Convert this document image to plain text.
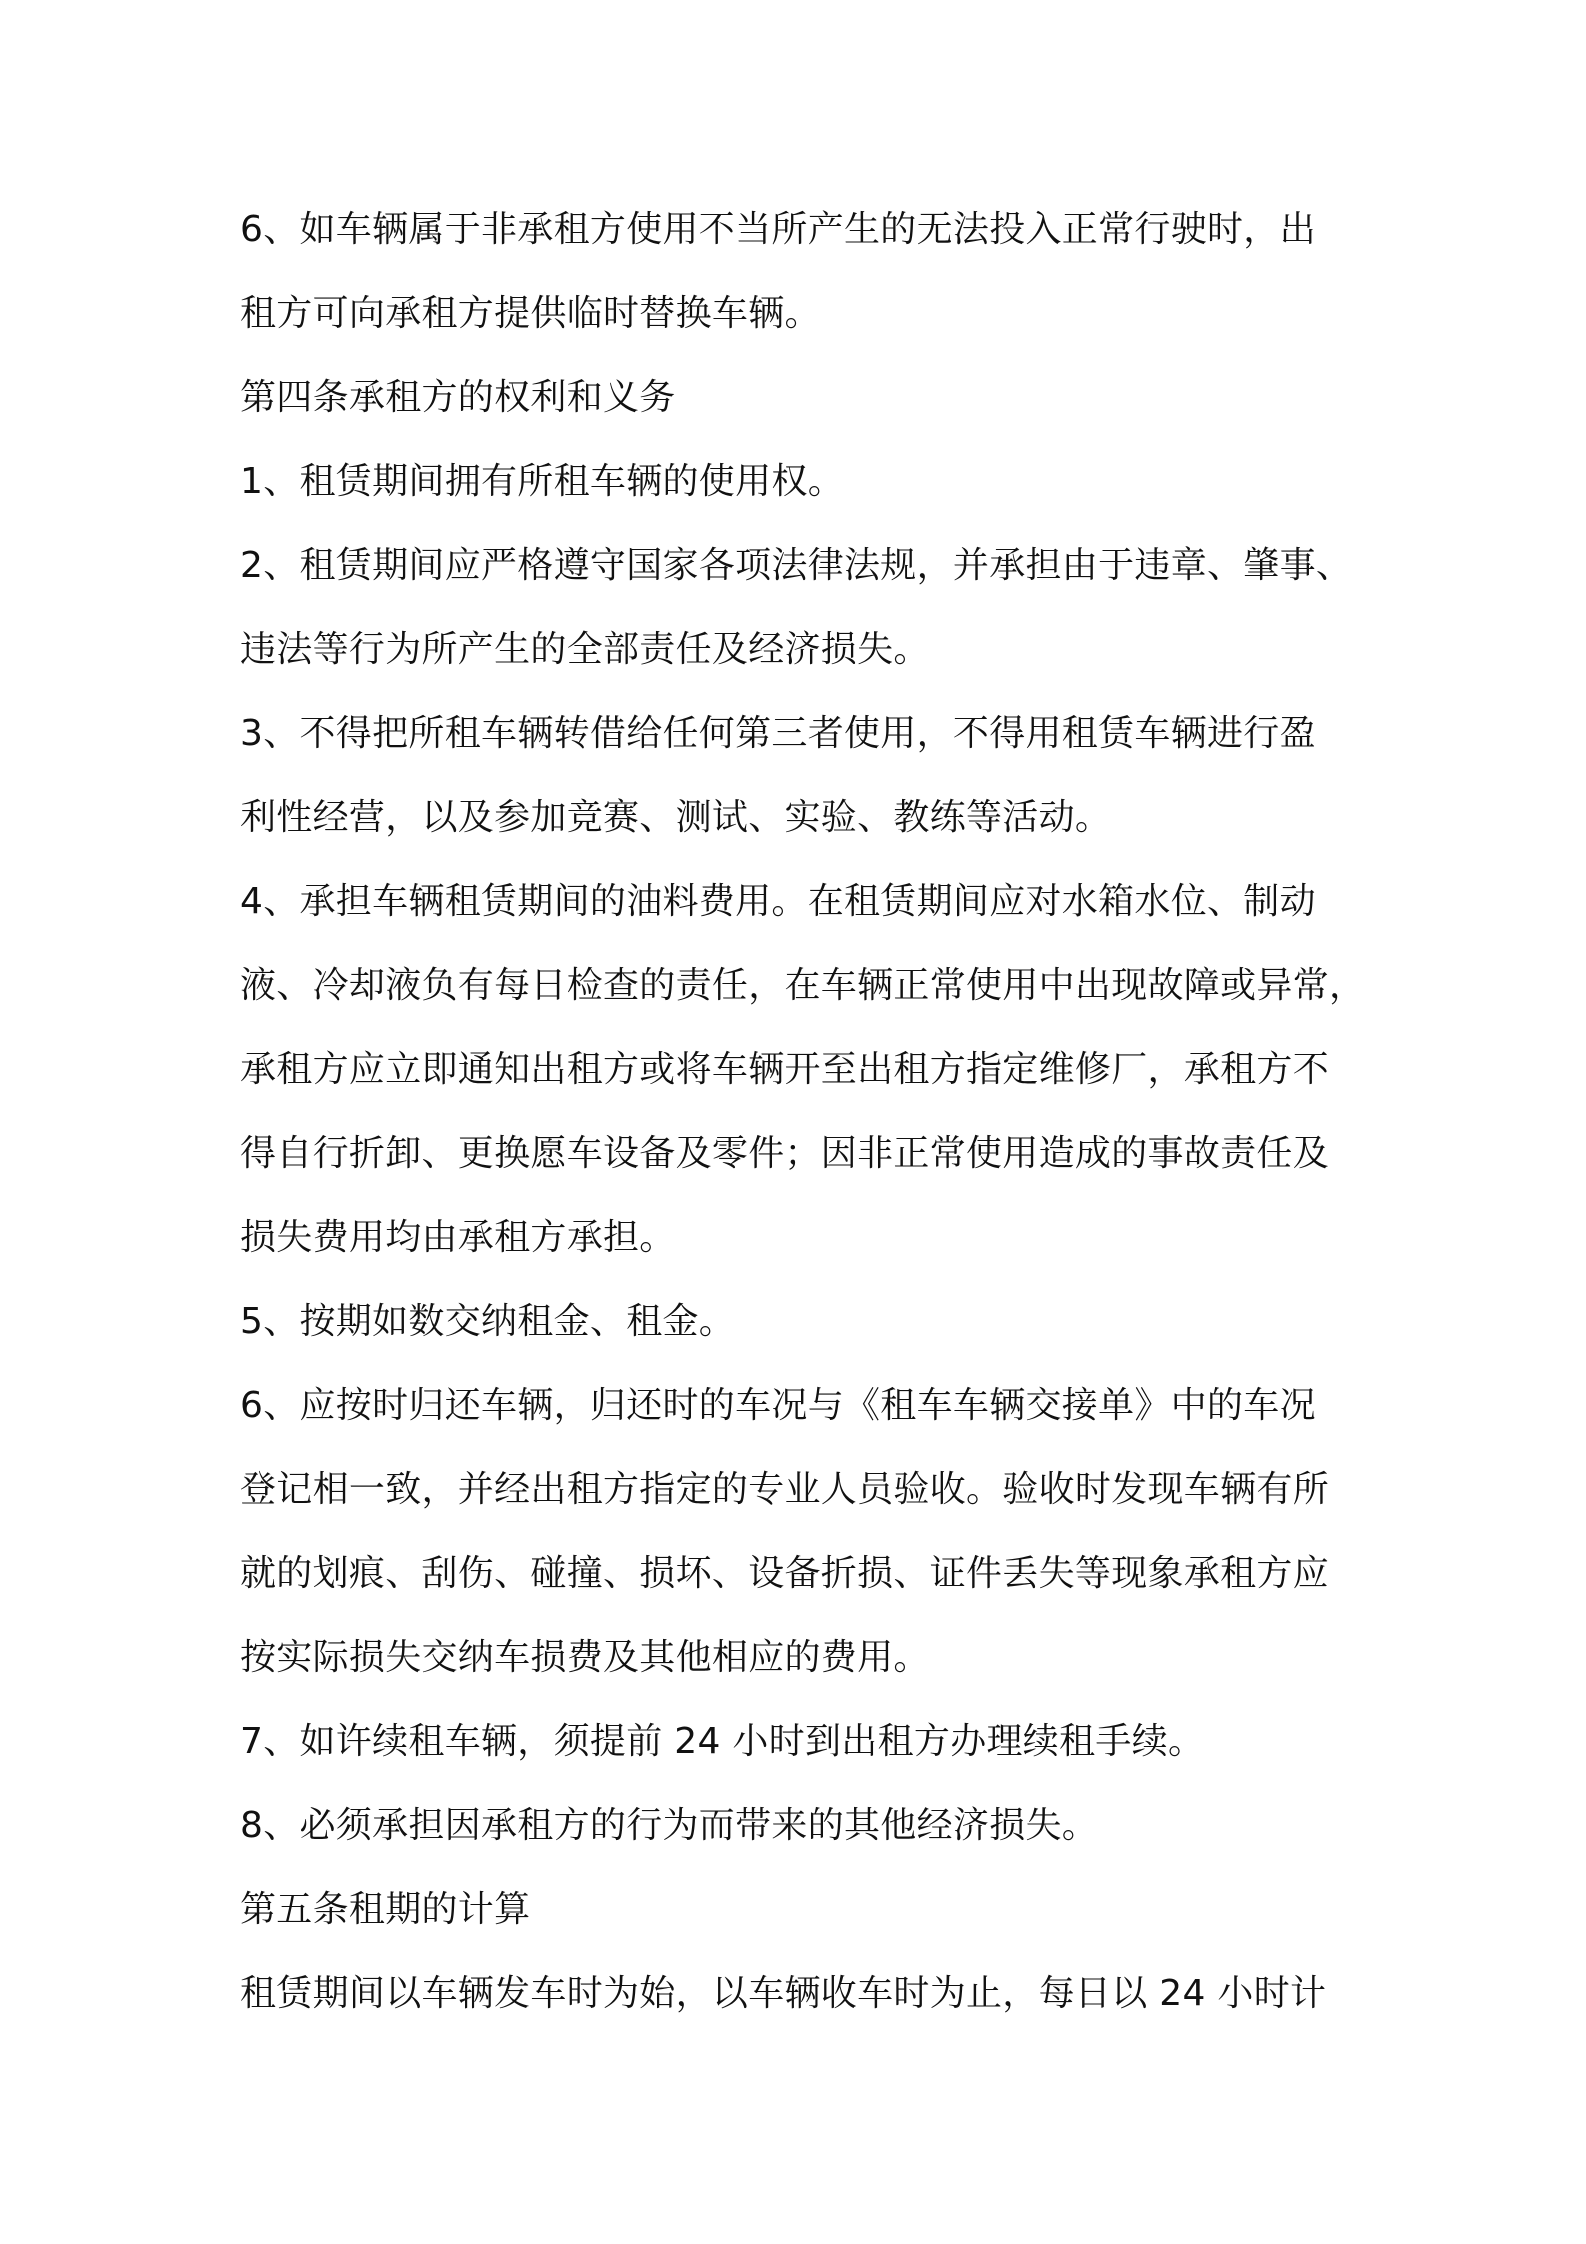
6、如车辆属于非承租方使用不当所产生的无法投入正常行驶时，出
租方可向承租方提供临时替换车辆。
第四条承租方的权利和义务
1、租赁期间拥有所租车辆的使用权。
2、租赁期间应严格遵守国家各项法律法规，并承担由于违章、肇事、
违法等行为所产生的全部责任及经济损失。
3、不得把所租车辆转借给任何第三者使用，不得用租赁车辆进行盈
利性经营，以及参加竞赛、测试、实验、教练等活动。
4、承担车辆租赁期间的油料费用。在租赁期间应对水箱水位、制动
液、冷却液负有每日检查的责任，在车辆正常使用中出现故障或异常，
承租方应立即通知出租方或将车辆开至出租方指定维修厂，承租方不
得自行折卸、更换愿车设备及零件；因非正常使用造成的事故责任及
损失费用均由承租方承担。
5、按期如数交纳租金、租金。
6、应按时归还车辆，归还时的车况与《租车车辆交接单》中的车况
登记相一致，并经出租方指定的专业人员验收。验收时发现车辆有所
就的划痕、刮伤、碰撞、损坏、设备折损、证件丢失等现象承租方应
按实际损失交纳车损费及其他相应的费用。
7、如许续租车辆，须提前 24 小时到出租方办理续租手续。
8、必须承担因承租方的行为而带来的其他经济损失。
第五条租期的计算
租赁期间以车辆发车时为始，以车辆收车时为止，每日以 24 小时计
